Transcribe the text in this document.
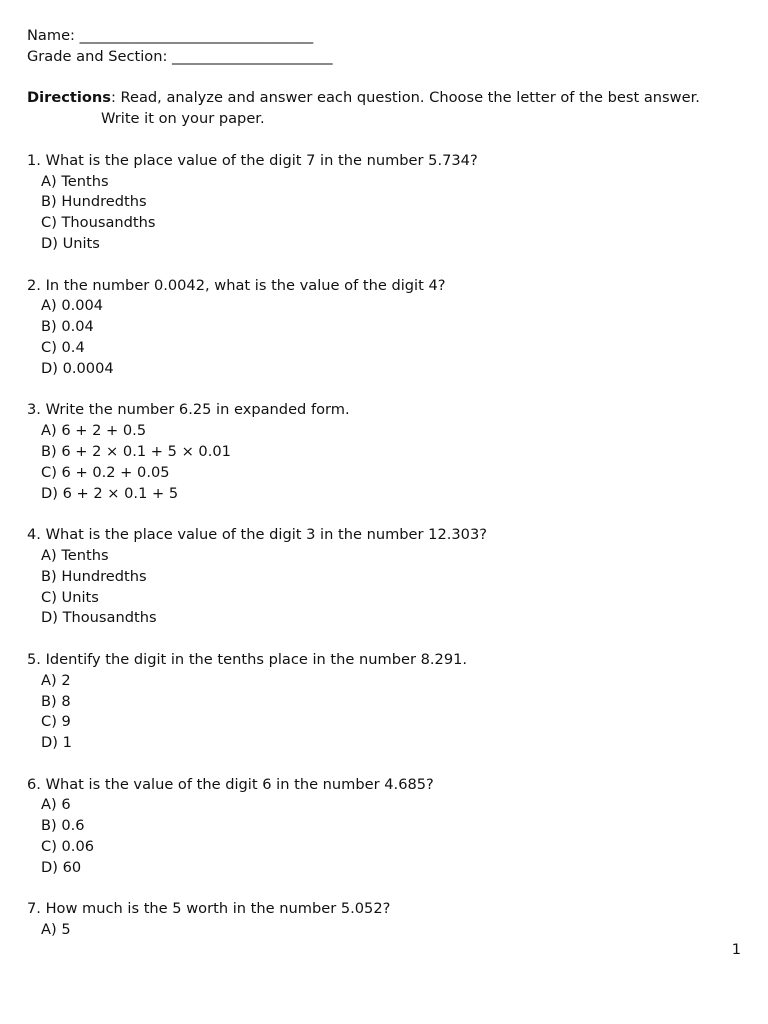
Name: ________________________________
Grade and Section: ______________________
Directions: Read, analyze and answer each question. Choose the letter of the best answer.
Write it on your paper.
1. What is the place value of the digit 7 in the number 5.734?
A) Tenths
B) Hundredths
C) Thousandths
D) Units
2. In the number 0.0042, what is the value of the digit 4?
A) 0.004
B) 0.04
C) 0.4
D) 0.0004
3. Write the number 6.25 in expanded form.
A) 6 + 2 + 0.5
B) 6 + 2 × 0.1 + 5 × 0.01
C) 6 + 0.2 + 0.05
D) 6 + 2 × 0.1 + 5
4. What is the place value of the digit 3 in the number 12.303?
A) Tenths
B) Hundredths
C) Units
D) Thousandths
5. Identify the digit in the tenths place in the number 8.291.
A) 2
B) 8
C) 9
D) 1
6. What is the value of the digit 6 in the number 4.685?
A) 6
B) 0.6
C) 0.06
D) 60
7. How much is the 5 worth in the number 5.052?
A) 5
1
